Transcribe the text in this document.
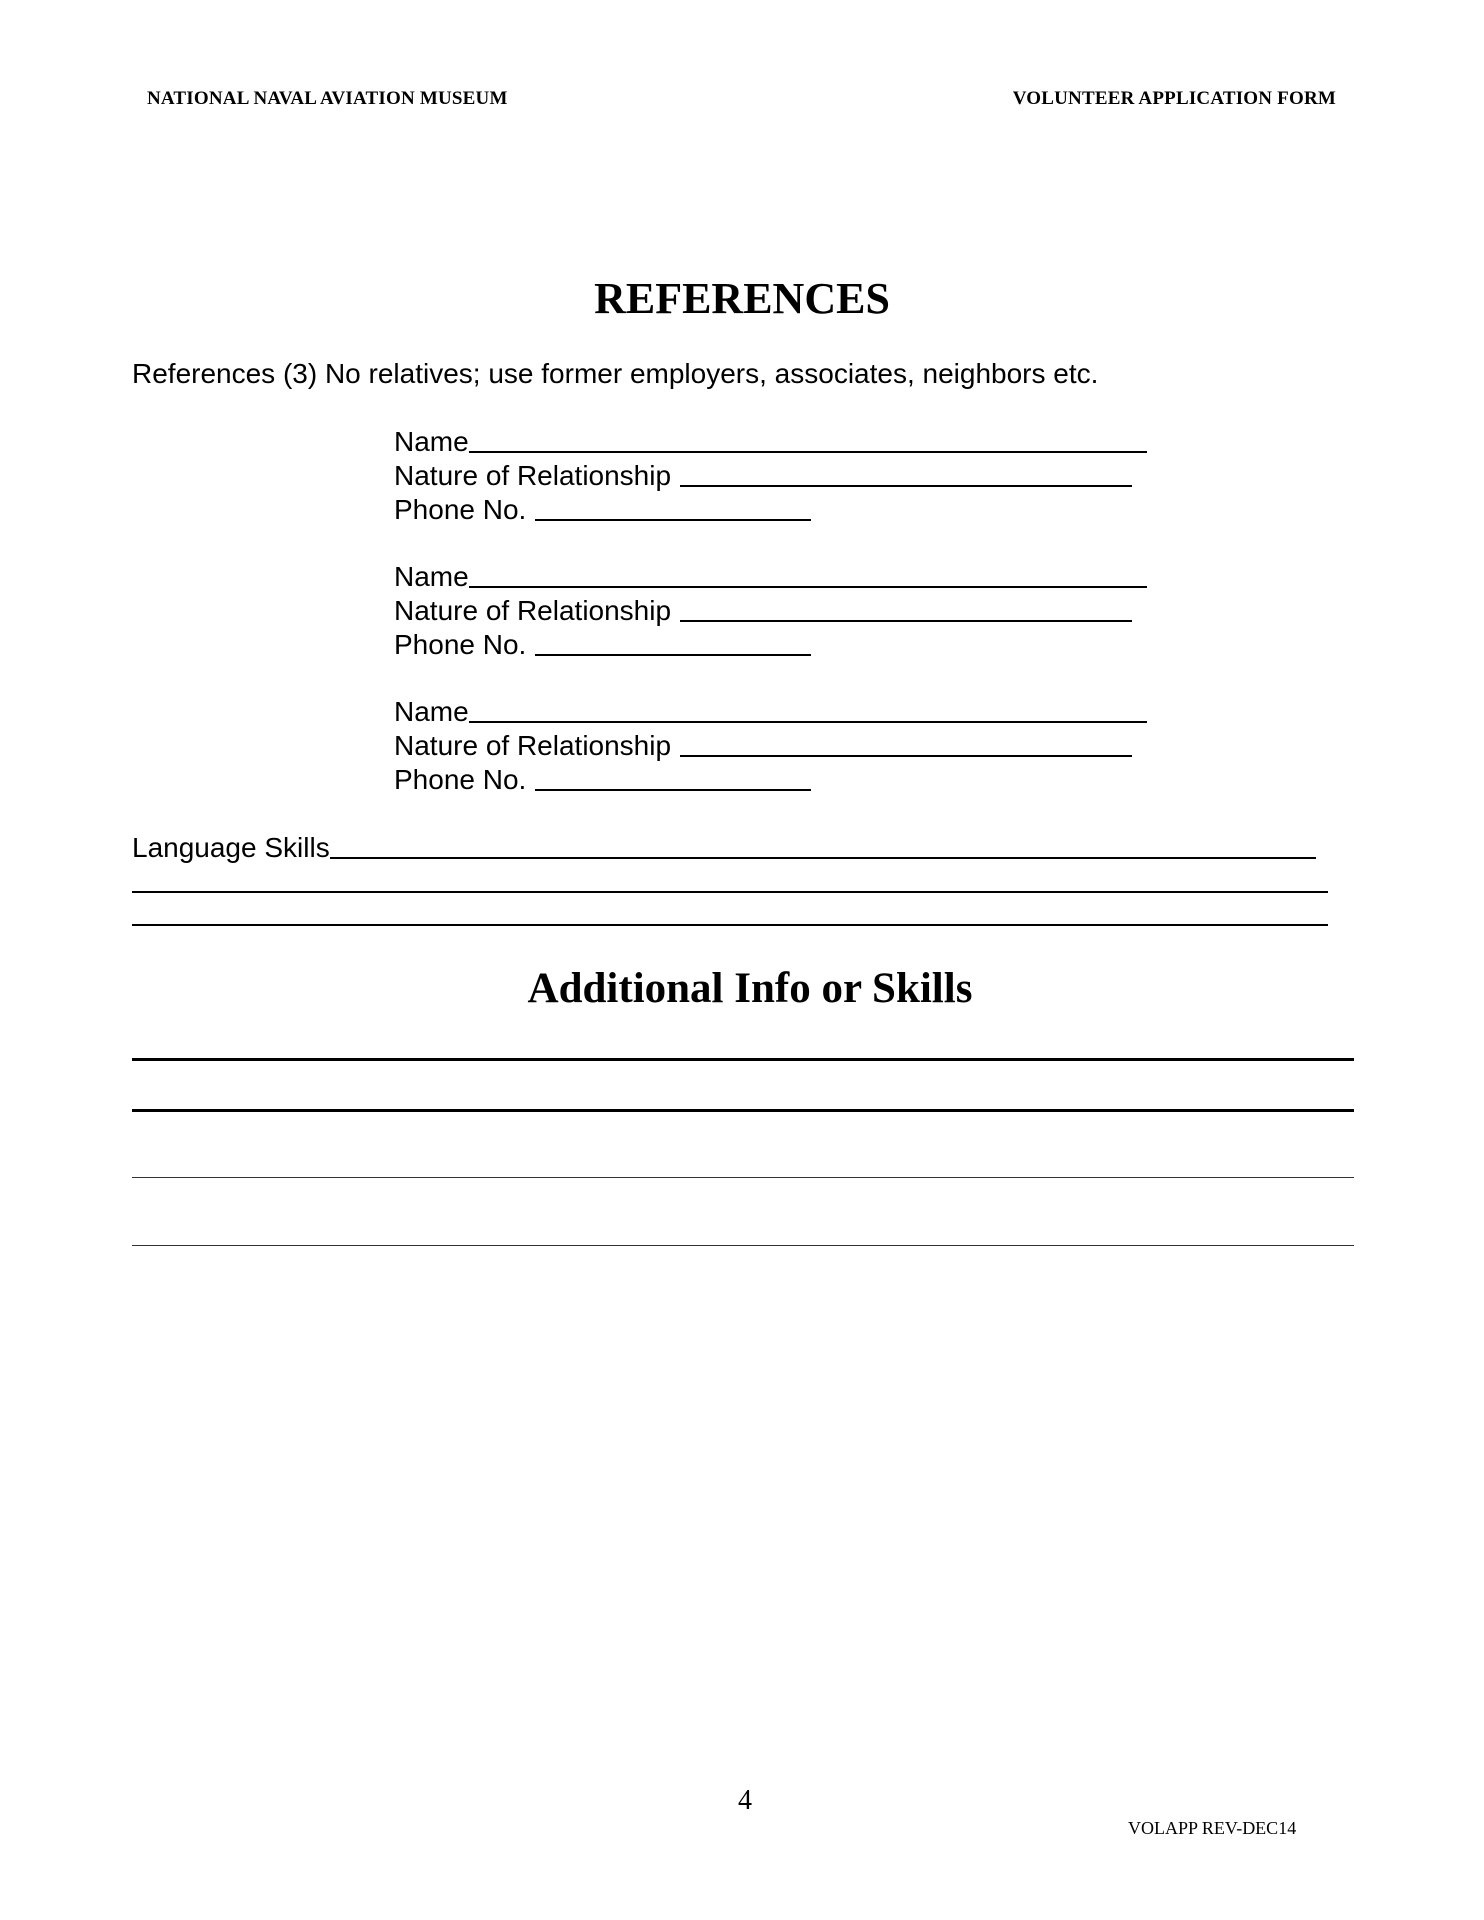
NATIONAL NAVAL AVIATION MUSEUM	VOLUNTEER APPLICATION FORM
REFERENCES
References (3) No relatives; use former employers, associates, neighbors etc.
Name
Nature of Relationship
Phone No.
Name
Nature of Relationship
Phone No.
Name
Nature of Relationship
Phone No.
Language Skills
Additional Info or Skills
4
VOLAPP REV-DEC14
